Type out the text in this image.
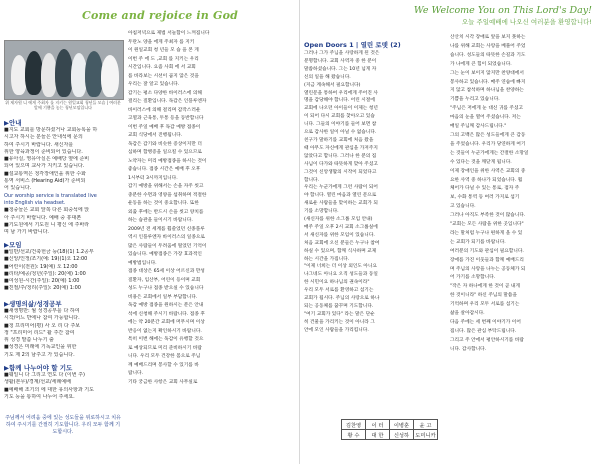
Come and rejoice in God
위 제자원 니 에게 주최자 를 지키는 원일교회 청년들 모습 | 여러분 앞에 기쁨을 놓는 청년모임입니다
▶안내
■지도 교회를 방문하셨거나 교회등록을 하
시고자 하시는 분들은 안내석에 문의
하여 주시기 바랍니다. 새신자를
위한 양육과정이 준비되어 있습니다.
■유아실, 영유아실은 예배당 옆에 준비
되어 있으며 교사가 지키고 있습니다.
■설교통역은 청각장애인을 위한 수화
통역 서비스 (Hearing Aid)가 준비되
어 있습니다.
Our worship service is translated live
into English via headset.
■청중들은 교회 앞쪽 다른 회중석에 앉
아 주시기 바랍니다. 예배 중 휴대폰
■기도원에서 기도원 니 평신 에 주바라
며 남 가기 바랍니다.
▶모임
■일반/선교/건축헌금 등(18)(1) 1.2공부
■신앙/인정/조기(예: 19)(1)오 12:00
■어린이(전원): 19(예) 오 12:00
■리타/예공/청년(주일): 20(예) 1:00
■여성원-시간(주일): 20(예) 1:00
■친절/주/청리(주일): 20(예) 1:00
▶생명의삶/성경공부
■새생명반: 월 성경공부를 다 하여
시작/어느 반에나 참여 가능합니다.
■청 프리미어(평) 사 오 리 다 주보
정 "프리미어 리드" 활 주간 참여
위 성경 말씀 나누기 출
■성경은 미래에 기독교인을 위한
기도 제 2의 남주고 가 있습니다.
▶함께 나누어야 할 기도
■웨일니 다 그리고 연도 다 (이번 주)
생활(본무)/경계/선교/세례예배
■예배해 조기의 에 대한 유의사항과 기도
기도 등을 통하여 나누어 주세요.
주님께서 어려움 중에 있는 성도들을 위로하시고 치유하여 주시기를 간절히 기도합니다. 우리 모두 함께 기도합시다.
아침저녁으로 제법 서늘함이 느껴집니다
두란노 양을 에게 주최자 를 지키
이 원일교회 청 년들 모 습 을 본 게
이번 주 에 도 ,교회 를 지키는 우리
시간입니다. 요즘 사회 에 서 교회
를 바라보는 시선이 곱지 않은 것을
우리는 잘 알고 있습니다.
감기는 평소 다양한 바이러스에 의해
걸리는 질환입니다. 독감은 인플루엔자
바이러스에 의해 걸리며 갑작스러운
고열과 근육통, 두통 등을 동반합니다
이번 주일 예배 후 독감 예방 접종이
교회 식당에서 진행됩니다.
독감은 감기와 비슷한 증상이지만 더
심하며 합병증을 일으킬 수 있으므로
노약자는 미리 예방접종을 하시는 것이
좋습니다. 접종 시간은 예배 후 오후
1시부터 3시까지입니다.
감기 예방을 위해서는 손을 자주 씻고
충분한 수면과 영양을 섭취하며 적절한
운동을 하는 것이 중요합니다. 또한
외출 후에는 반드시 손을 씻고 양치를
하는 습관을 들이시기 바랍니다.
2009년 전 세계를 휩쓸었던 신종플루
역시 인플루엔자 바이러스의 일종으로
많은 사람들이 두려움에 떨었던 기억이
있습니다. 예방접종은 가장 효과적인
예방법입니다.
접종 대상은 65세 이상 어르신과 만성
질환자, 임산부, 어린이 등이며 교회
성도 누구나 접종 받으실 수 있습니다
비용은 교회에서 일부 부담합니다.
독감 예방 접종을 원하시는 분은 안내
석에 신청해 주시기 바랍니다. 접종 후
에는 약 20분간 교회에 머무시며 이상
반응이 없는지 확인하시기 바랍니다.
특히 이번 해에는 독감이 유행할 것으
로 예상되므로 미리 준비하시기 바랍
니다. 우리 모두 건강한 몸으로 주님
께 예배드리며 봉사할 수 있기를 바
랍니다.
기타 궁금한 사항은 교회 사무실로
We Welcome You on This Lord's Day!
오늘 주일예배에 나오신 여러분을 환영합니다!
Open Doors 1 | 열린 로뎃 (2)
그러나 그가 주님을 사랑하게 된 것은
분명합니다. 교회 사역자 중 한 분이
말씀하셨습니다. 그는 10년 넘게 자
신의 일을 해 왔습니다.
(지금 계속해서 필요합니다)
열린문을 통하여 우리에게 주어진 사
명을 감당해야 합니다. 어린 시절에
교회에 나오던 아이들이 이제는 청년
이 되어 다시 교회를 찾아오고 있습
니다. 그들의 이야기를 들어 보면 참
으로 감사한 일이 아닐 수 없습니다.
친구가 말하기를 교회에 처음 왔을
때 아무도 자신에게 관심을 가져주지
않았다고 합니다. 그러나 한 분의 집
사님이 다가와 따뜻하게 맞아 주셨고
그것이 신앙생활의 시작이 되었다고
합니다.
우리는 누군가에게 그런 사람이 되어
야 합니다. 열린 마음과 열린 문으로
새로운 사람들을 맞이하는 교회가 되
기를 소망합니다.
(새신자를 위한 소그룹 모임 안내)
매주 주일 오후 2시 교회 소그룹실에
서 새신자를 위한 모임이 있습니다.
처음 교회에 오신 분들은 누구나 참여
하실 수 있으며, 함께 식사하며 교제
하는 시간을 가집니다.
"이제 너희는 더 이상 외인도 아니요
나그네도 아니요 오직 성도들과 동일
한 시민이요 하나님의 권속이라"
우리 모두 서로를 환영하고 섬기는
교회가 됩시다. 주님의 사랑으로 하나
되는 공동체를 꿈꾸며 기도합니다.
"여기 교회가 있다" 라는 말은 단순
히 건물을 가리키는 것이 아니라 그
안에 모인 사람들을 가리킵니다.
김찬영	이 터	이병훈	윤 고
황 수	대 한	신성하	도미니카
산산치 시각 장애로 앞을 보지 못하는
나를 위해 교회는 사랑을 베풀어 주었
습니다. 성도들의 따뜻한 손길과 기도
가 나에게 큰 힘이 되었습니다.
그는 눈이 보이지 않지만 찬양대에서
봉사하고 있습니다. 매주 연습에 빠지
지 않고 참석하며 하나님을 찬양하는
기쁨을 누리고 있습니다.
"주님은 저에게 눈 대신 귀를 주셨고
마음의 눈을 열어 주셨습니다. 저는
매일 주님께 감사드립니다."
그의 고백은 많은 성도들에게 큰 감동
을 주었습니다. 우리가 당연하게 여기
는 것들이 누군가에게는 간절한 소망일
수 있다는 것을 깨닫게 됩니다.
이제 장애인을 위한 사역은 교회의 중
요한 사역 중 하나가 되었습니다. 휠
체어가 다닐 수 있는 통로, 점자 주
보, 수화 통역 등 여러 가지로 섬기
고 있습니다.
그러나 아직도 부족한 것이 많습니다.
"교회는 모든 사람을 위한 곳입니다"
라는 말처럼 누구나 편하게 올 수 있
는 교회가 되기를 바랍니다.
여러분의 기도와 관심이 필요합니다.
장애를 가진 이웃들과 함께 예배드리
며 주님의 사랑을 나누는 공동체가 되
어 가기를 소망합니다.
"작은 자 하나에게 한 것이 곧 내게
한 것이니라" 하신 주님의 말씀을
기억하며 우리 모두 서로를 섬기는
삶을 살아갑시다.
다음 주에는 세 번째 이야기가 이어
집니다. 많은 관심 부탁드립니다.
그리고 주 안에서 평안하시기를 바랍
니다. 감사합니다.
